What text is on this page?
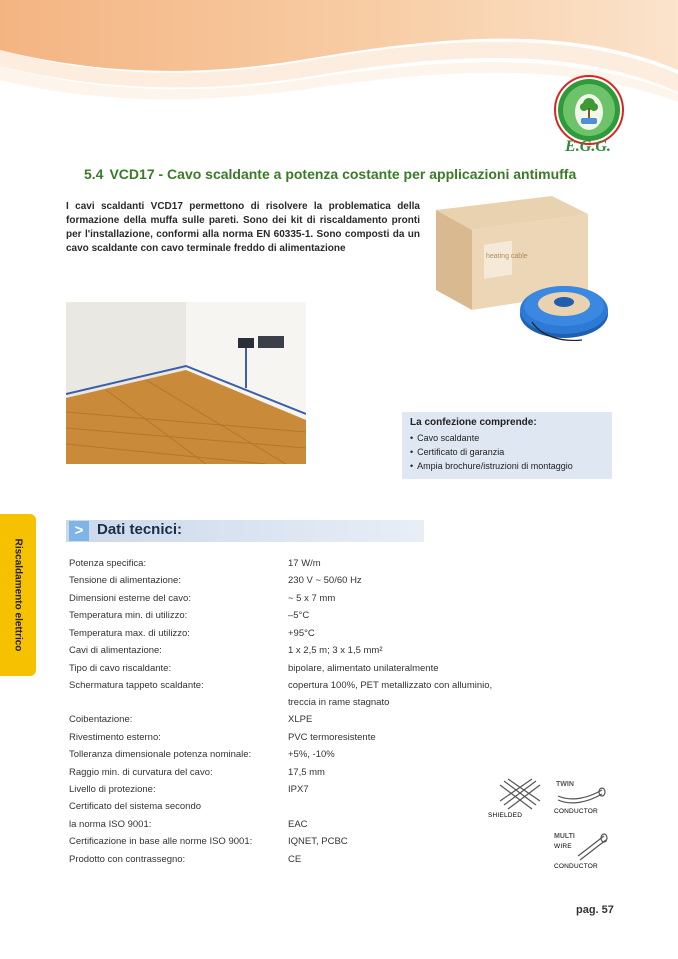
E.G.G.
5.4 VCD17 - Cavo scaldante a potenza costante per applicazioni antimuffa
I cavi scaldanti VCD17 permettono di risolvere la problematica della formazione della muffa sulle pareti. Sono dei kit di riscaldamento pronti per l'installazione, conformi alla norma EN 60335-1. Sono composti da un cavo scaldante con cavo terminale freddo di alimentazione
heating cable
La confezione comprende:
• Cavo scaldante
• Certificato di garanzia
• Ampia brochure/istruzioni di montaggio
Riscaldamento elettrico
> Dati tecnici:
Potenza specifica:	17 W/m
Tensione di alimentazione:	230 V ~ 50/60 Hz
Dimensioni esterne del cavo:	~ 5 x 7 mm
Temperatura min. di utilizzo:	–5°C
Temperatura max. di utilizzo:	+95°C
Cavi di alimentazione:	1 x 2,5 m; 3 x 1,5 mm²
Tipo di cavo riscaldante:	bipolare, alimentato unilateralmente
Schermatura tappeto scaldante:	copertura 100%, PET metallizzato con alluminio,
treccia in rame stagnato
Coibentazione:	XLPE
Rivestimento esterno:	PVC termoresistente
Tolleranza dimensionale potenza nominale:	+5%, -10%
Raggio min. di curvatura del cavo:	17,5 mm
Livello di protezione:	IPX7
Certificato del sistema secondo
la norma ISO 9001:	EAC
Certificazione in base alle norme ISO 9001:	IQNET, PCBC
Prodotto con contrassegno:	CE
SHIELDED
TWIN
CONDUCTOR
MULTI
WIRE
CONDUCTOR
pag. 57
